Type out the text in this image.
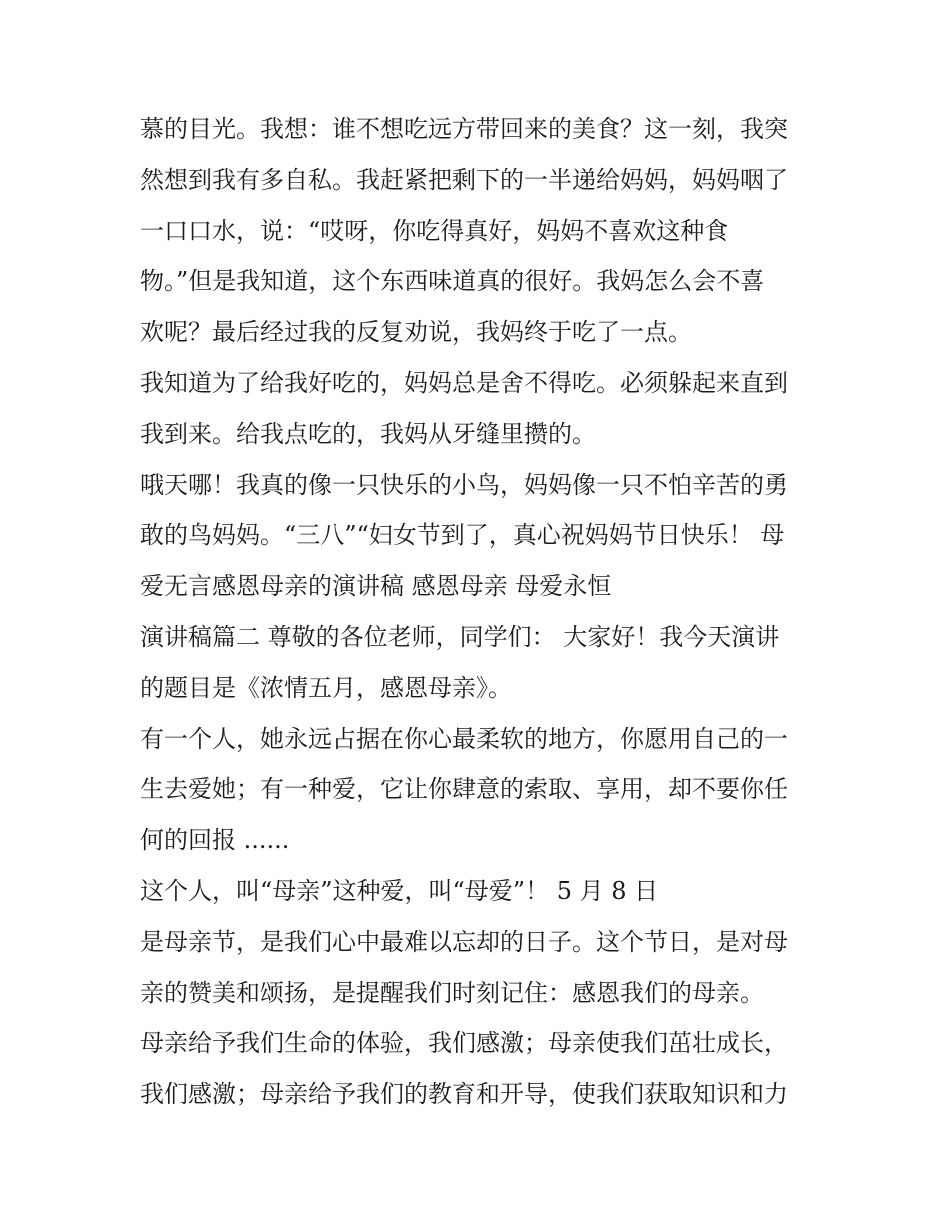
慕的目光。我想：谁不想吃远方带回来的美食？这一刻，我突
然想到我有多自私。我赶紧把剩下的一半递给妈妈，妈妈咽了
一口口水，说：“哎呀，你吃得真好，妈妈不喜欢这种食
物。”但是我知道，这个东西味道真的很好。我妈怎么会不喜
欢呢？最后经过我的反复劝说，我妈终于吃了一点。
我知道为了给我好吃的，妈妈总是舍不得吃。必须躲起来直到
我到来。给我点吃的，我妈从牙缝里攒的。
哦天哪！我真的像一只快乐的小鸟，妈妈像一只不怕辛苦的勇
敢的鸟妈妈。“三八”“妇女节到了，真心祝妈妈节日快乐！ 母
爱无言感恩母亲的演讲稿 感恩母亲 母爱永恒
演讲稿篇二 尊敬的各位老师，同学们： 大家好！我今天演讲
的题目是《浓情五月，感恩母亲》。
有一个人，她永远占据在你心最柔软的地方，你愿用自己的一
生去爱她；有一种爱，它让你肆意的索取、享用，却不要你任
何的回报 ......
这个人，叫“母亲”这种爱，叫“母爱”！ 5 月 8 日
是母亲节，是我们心中最难以忘却的日子。这个节日，是对母
亲的赞美和颂扬，是提醒我们时刻记住：感恩我们的母亲。
母亲给予我们生命的体验，我们感激；母亲使我们茁壮成长，
我们感激；母亲给予我们的教育和开导，使我们获取知识和力
